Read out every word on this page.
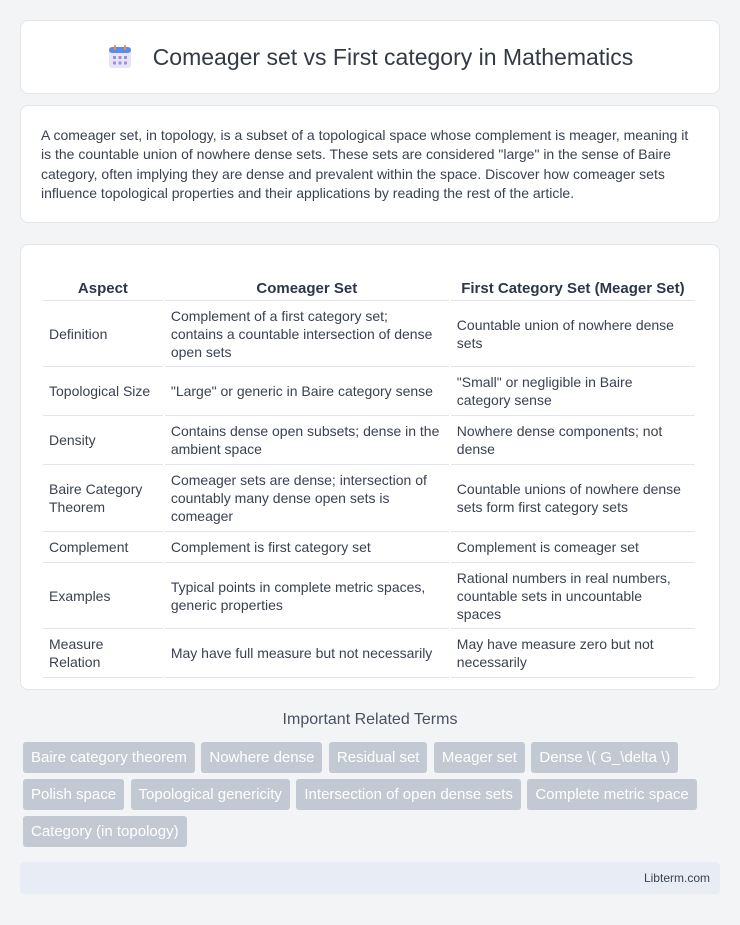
Comeager set vs First category in Mathematics

A comeager set, in topology, is a subset of a topological space whose complement is meager, meaning it is the countable union of nowhere dense sets. These sets are considered "large" in the sense of Baire category, often implying they are dense and prevalent within the space. Discover how comeager sets influence topological properties and their applications by reading the rest of the article.

Aspect	Comeager Set	First Category Set (Meager Set)
Definition	Complement of a first category set; contains a countable intersection of dense open sets	Countable union of nowhere dense sets
Topological Size	"Large" or generic in Baire category sense	"Small" or negligible in Baire category sense
Density	Contains dense open subsets; dense in the ambient space	Nowhere dense components; not dense
Baire Category Theorem	Comeager sets are dense; intersection of countably many dense open sets is comeager	Countable unions of nowhere dense sets form first category sets
Complement	Complement is first category set	Complement is comeager set
Examples	Typical points in complete metric spaces, generic properties	Rational numbers in real numbers, countable sets in uncountable spaces
Measure Relation	May have full measure but not necessarily	May have measure zero but not necessarily
Important Related Terms
Baire category theorem Nowhere dense Residual set Meager set Dense \( G_\delta \) Polish space Topological genericity Intersection of open dense sets Complete metric space Category (in topology)
Libterm.com
